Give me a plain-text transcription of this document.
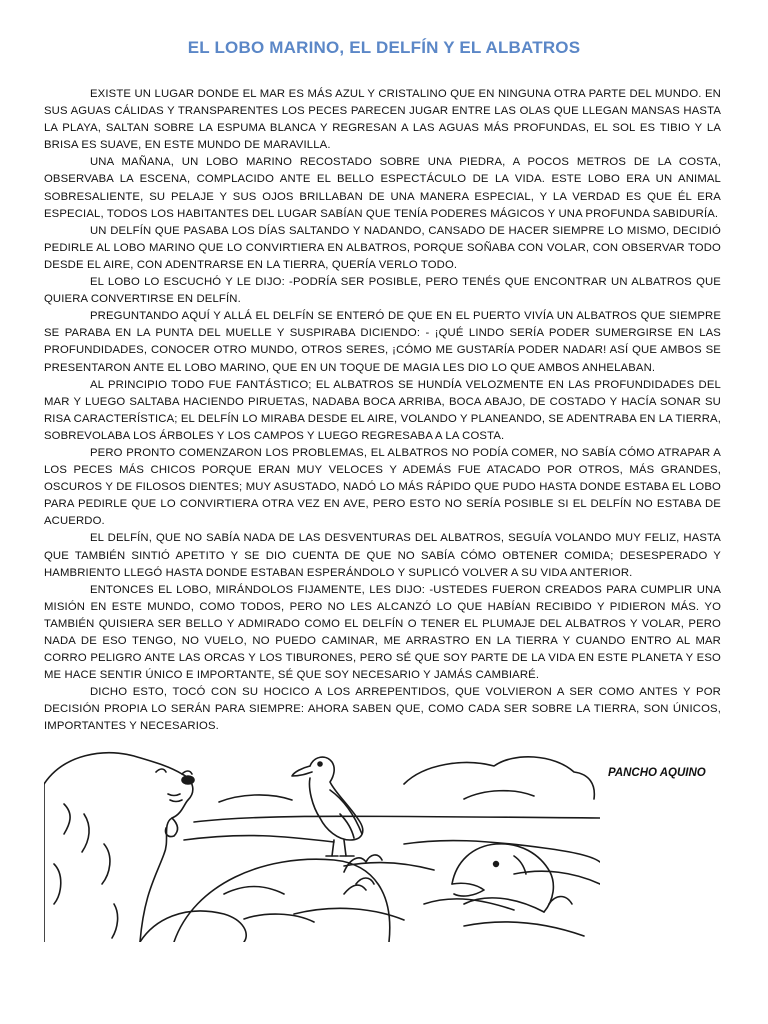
EL LOBO MARINO, EL DELFÍN Y EL ALBATROS

EXISTE UN LUGAR DONDE EL MAR ES MÁS AZUL Y CRISTALINO QUE EN NINGUNA OTRA PARTE DEL MUNDO. EN SUS AGUAS CÁLIDAS Y TRANSPARENTES LOS PECES PARECEN JUGAR ENTRE LAS OLAS QUE LLEGAN MANSAS HASTA LA PLAYA, SALTAN SOBRE LA ESPUMA BLANCA Y REGRESAN A LAS AGUAS MÁS PROFUNDAS, EL SOL ES TIBIO Y LA BRISA ES SUAVE, EN ESTE MUNDO DE MARAVILLA.

UNA MAÑANA, UN LOBO MARINO RECOSTADO SOBRE UNA PIEDRA, A POCOS METROS DE LA COSTA, OBSERVABA LA ESCENA, COMPLACIDO ANTE EL BELLO ESPECTÁCULO DE LA VIDA. ESTE LOBO ERA UN ANIMAL SOBRESALIENTE, SU PELAJE Y SUS OJOS BRILLABAN DE UNA MANERA ESPECIAL, Y LA VERDAD ES QUE ÉL ERA ESPECIAL, TODOS LOS HABITANTES DEL LUGAR SABÍAN QUE TENÍA PODERES MÁGICOS Y UNA PROFUNDA SABIDURÍA.

UN DELFÍN QUE PASABA LOS DÍAS SALTANDO Y NADANDO, CANSADO DE HACER SIEMPRE LO MISMO, DECIDIÓ PEDIRLE AL LOBO MARINO QUE LO CONVIRTIERA EN ALBATROS, PORQUE SOÑABA CON VOLAR, CON OBSERVAR TODO DESDE EL AIRE, CON ADENTRARSE EN LA TIERRA, QUERÍA VERLO TODO.

EL LOBO LO ESCUCHÓ Y LE DIJO: -PODRÍA SER POSIBLE, PERO TENÉS QUE ENCONTRAR UN ALBATROS QUE QUIERA CONVERTIRSE EN DELFÍN.

PREGUNTANDO AQUÍ Y ALLÁ EL DELFÍN SE ENTERÓ DE QUE EN EL PUERTO VIVÍA UN ALBATROS QUE SIEMPRE SE PARABA EN LA PUNTA DEL MUELLE Y SUSPIRABA DICIENDO: - ¡QUÉ LINDO SERÍA PODER SUMERGIRSE EN LAS PROFUNDIDADES, CONOCER OTRO MUNDO, OTROS SERES, ¡CÓMO ME GUSTARÍA PODER NADAR! ASÍ QUE AMBOS SE PRESENTARON ANTE EL LOBO MARINO, QUE EN UN TOQUE DE MAGIA LES DIO LO QUE AMBOS ANHELABAN.

AL PRINCIPIO TODO FUE FANTÁSTICO; EL ALBATROS SE HUNDÍA VELOZMENTE EN LAS PROFUNDIDADES DEL MAR Y LUEGO SALTABA HACIENDO PIRUETAS, NADABA BOCA ARRIBA, BOCA ABAJO, DE COSTADO Y HACÍA SONAR SU RISA CARACTERÍSTICA; EL DELFÍN LO MIRABA DESDE EL AIRE, VOLANDO Y PLANEANDO, SE ADENTRABA EN LA TIERRA, SOBREVOLABA LOS ÁRBOLES Y LOS CAMPOS Y LUEGO REGRESABA A LA COSTA.

PERO PRONTO COMENZARON LOS PROBLEMAS, EL ALBATROS NO PODÍA COMER, NO SABÍA CÓMO ATRAPAR A LOS PECES MÁS CHICOS PORQUE ERAN MUY VELOCES Y ADEMÁS FUE ATACADO POR OTROS, MÁS GRANDES, OSCUROS Y DE FILOSOS DIENTES; MUY ASUSTADO, NADÓ LO MÁS RÁPIDO QUE PUDO HASTA DONDE ESTABA EL LOBO PARA PEDIRLE QUE LO CONVIRTIERA OTRA VEZ EN AVE, PERO ESTO NO SERÍA POSIBLE SI EL DELFÍN NO ESTABA DE ACUERDO.

EL DELFÍN, QUE NO SABÍA NADA DE LAS DESVENTURAS DEL ALBATROS, SEGUÍA VOLANDO MUY FELIZ, HASTA QUE TAMBIÉN SINTIÓ APETITO Y SE DIO CUENTA DE QUE NO SABÍA CÓMO OBTENER COMIDA; DESESPERADO Y HAMBRIENTO LLEGÓ HASTA DONDE ESTABAN ESPERÁNDOLO Y SUPLICÓ VOLVER A SU VIDA ANTERIOR.

ENTONCES EL LOBO, MIRÁNDOLOS FIJAMENTE, LES DIJO: -USTEDES FUERON CREADOS PARA CUMPLIR UNA MISIÓN EN ESTE MUNDO, COMO TODOS, PERO NO LES ALCANZÓ LO QUE HABÍAN RECIBIDO Y PIDIERON MÁS. YO TAMBIÉN QUISIERA SER BELLO Y ADMIRADO COMO EL DELFÍN O TENER EL PLUMAJE DEL ALBATROS Y VOLAR, PERO NADA DE ESO TENGO, NO VUELO, NO PUEDO CAMINAR, ME ARRASTRO EN LA TIERRA Y CUANDO ENTRO AL MAR CORRO PELIGRO ANTE LAS ORCAS Y LOS TIBURONES, PERO SÉ QUE SOY PARTE DE LA VIDA EN ESTE PLANETA Y ESO ME HACE SENTIR ÚNICO E IMPORTANTE, SÉ QUE SOY NECESARIO Y JAMÁS CAMBIARÉ.

DICHO ESTO, TOCÓ CON SU HOCICO A LOS ARREPENTIDOS, QUE VOLVIERON A SER COMO ANTES Y POR DECISIÓN PROPIA LO SERÁN PARA SIEMPRE: AHORA SABEN QUE, COMO CADA SER SOBRE LA TIERRA, SON ÚNICOS, IMPORTANTES Y NECESARIOS.

PANCHO AQUINO
